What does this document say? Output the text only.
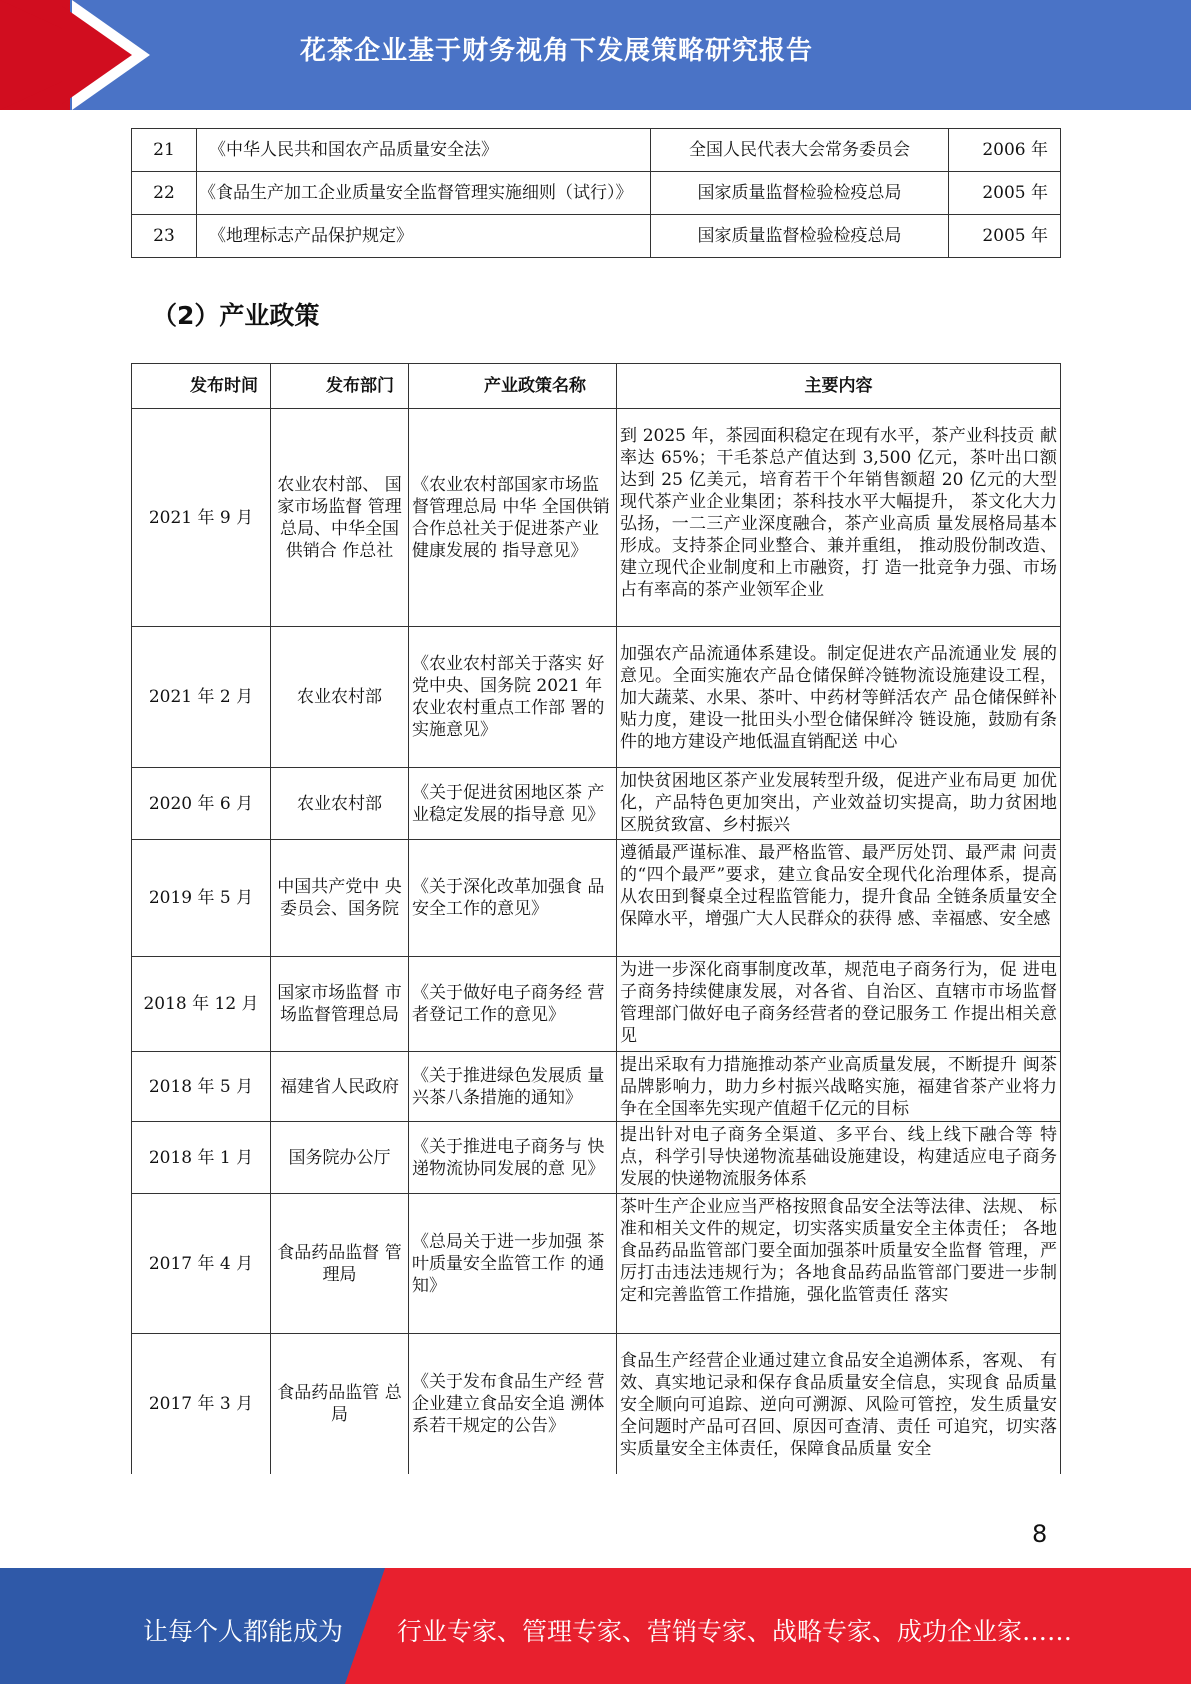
花茶企业基于财务视角下发展策略研究报告
21	《中华人民共和国农产品质量安全法》	全国人民代表大会常务委员会	2006 年
22	《食品生产加工企业质量安全监督管理实施细则（试行）》	国家质量监督检验检疫总局	2005 年
23	《地理标志产品保护规定》	国家质量监督检验检疫总局	2005 年
（2）产业政策
发布时间	发布部门	产业政策名称	主要内容
2021 年 9 月	农业农村部、 国家市场监督 管理总局、中华全国供销合 作总社	《农业农村部国家市场监督管理总局 中华 全国供销合作总社关于促进茶产业健康发展的 指导意见》	到 2025 年，茶园面积稳定在现有水平，茶产业科技贡 献率达 65%；干毛茶总产值达到 3,500 亿元，茶叶出口额达到 25 亿美元，培育若干个年销售额超 20 亿元的大型现代茶产业企业集团；茶科技水平大幅提升， 茶文化大力弘扬，一二三产业深度融合，茶产业高质 量发展格局基本形成。支持茶企同业整合、兼并重组， 推动股份制改造、建立现代企业制度和上市融资，打 造一批竞争力强、市场占有率高的茶产业领军企业
2021 年 2 月	农业农村部	《农业农村部关于落实 好党中央、国务院 2021 年农业农村重点工作部 署的实施意见》	加强农产品流通体系建设。制定促进农产品流通业发 展的意见。全面实施农产品仓储保鲜冷链物流设施建设工程，加大蔬菜、水果、茶叶、中药材等鲜活农产 品仓储保鲜补贴力度，建设一批田头小型仓储保鲜冷 链设施，鼓励有条件的地方建设产地低温直销配送 中心
2020 年 6 月	农业农村部	《关于促进贫困地区茶 产业稳定发展的指导意 见》	加快贫困地区茶产业发展转型升级，促进产业布局更 加优化，产品特色更加突出，产业效益切实提高，助力贫困地区脱贫致富、乡村振兴
2019 年 5 月	中国共产党中 央委员会、国务院	《关于深化改革加强食 品安全工作的意见》	遵循最严谨标准、最严格监管、最严厉处罚、最严肃 问责的“四个最严”要求，建立食品安全现代化治理体系，提高从农田到餐桌全过程监管能力，提升食品 全链条质量安全保障水平，增强广大人民群众的获得 感、幸福感、安全感
2018 年 12 月	国家市场监督 市场监督管理总局	《关于做好电子商务经 营者登记工作的意见》	为进一步深化商事制度改革，规范电子商务行为，促 进电子商务持续健康发展，对各省、自治区、直辖市市场监督管理部门做好电子商务经营者的登记服务工 作提出相关意见
2018 年 5 月	福建省人民政府	《关于推进绿色发展质 量兴茶八条措施的通知》	提出采取有力措施推动茶产业高质量发展，不断提升 闽茶品牌影响力，助力乡村振兴战略实施，福建省茶产业将力争在全国率先实现产值超千亿元的目标
2018 年 1 月	国务院办公厅	《关于推进电子商务与 快递物流协同发展的意 见》	提出针对电子商务全渠道、多平台、线上线下融合等 特点，科学引导快递物流基础设施建设，构建适应电子商务发展的快递物流服务体系
2017 年 4 月	食品药品监督 管理局	《总局关于进一步加强 茶叶质量安全监管工作 的通知》	茶叶生产企业应当严格按照食品安全法等法律、法规、 标准和相关文件的规定，切实落实质量安全主体责任； 各地食品药品监管部门要全面加强茶叶质量安全监督 管理，严厉打击违法违规行为；各地食品药品监管部门要进一步制定和完善监管工作措施，强化监管责任 落实
2017 年 3 月	食品药品监管 总局	《关于发布食品生产经 营企业建立食品安全追 溯体系若干规定的公告》	食品生产经营企业通过建立食品安全追溯体系，客观、 有效、真实地记录和保存食品质量安全信息，实现食 品质量安全顺向可追踪、逆向可溯源、风险可管控，发生质量安全问题时产品可召回、原因可查清、责任 可追究，切实落实质量安全主体责任，保障食品质量 安全
8
让每个人都能成为 行业专家、管理专家、营销专家、战略专家、成功企业家……
